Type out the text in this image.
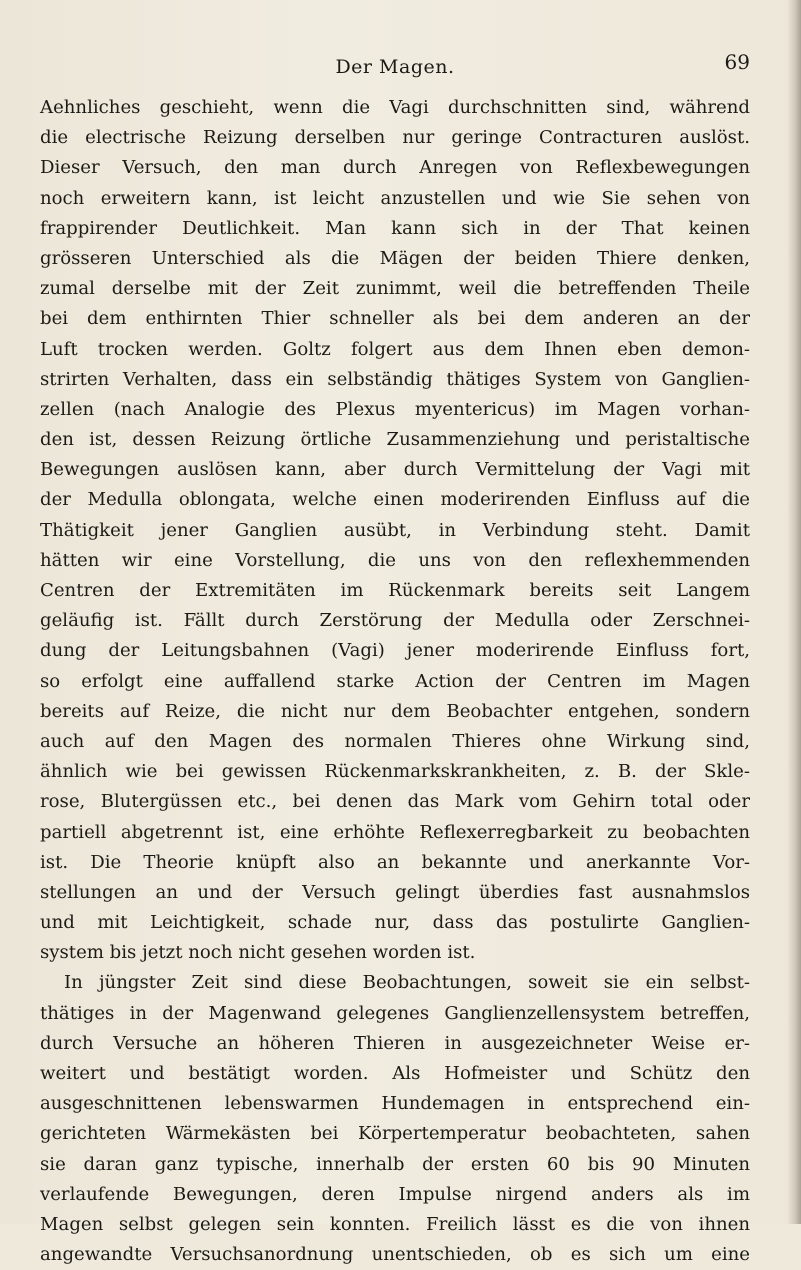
Der Magen.	69
Aehnliches geschieht, wenn die Vagi durchschnitten sind, während
die electrische Reizung derselben nur geringe Contracturen auslöst.
Dieser Versuch, den man durch Anregen von Reflexbewegungen
noch erweitern kann, ist leicht anzustellen und wie Sie sehen von
frappirender Deutlichkeit. Man kann sich in der That keinen
grösseren Unterschied als die Mägen der beiden Thiere denken,
zumal derselbe mit der Zeit zunimmt, weil die betreffenden Theile
bei dem enthirnten Thier schneller als bei dem anderen an der
Luft trocken werden. Goltz folgert aus dem Ihnen eben demon-
strirten Verhalten, dass ein selbständig thätiges System von Ganglien-
zellen (nach Analogie des Plexus myentericus) im Magen vorhan-
den ist, dessen Reizung örtliche Zusammenziehung und peristaltische
Bewegungen auslösen kann, aber durch Vermittelung der Vagi mit
der Medulla oblongata, welche einen moderirenden Einfluss auf die
Thätigkeit jener Ganglien ausübt, in Verbindung steht. Damit
hätten wir eine Vorstellung, die uns von den reflexhemmenden
Centren der Extremitäten im Rückenmark bereits seit Langem
geläufig ist. Fällt durch Zerstörung der Medulla oder Zerschnei-
dung der Leitungsbahnen (Vagi) jener moderirende Einfluss fort,
so erfolgt eine auffallend starke Action der Centren im Magen
bereits auf Reize, die nicht nur dem Beobachter entgehen, sondern
auch auf den Magen des normalen Thieres ohne Wirkung sind,
ähnlich wie bei gewissen Rückenmarkskrankheiten, z. B. der Skle-
rose, Blutergüssen etc., bei denen das Mark vom Gehirn total oder
partiell abgetrennt ist, eine erhöhte Reflexerregbarkeit zu beobachten
ist. Die Theorie knüpft also an bekannte und anerkannte Vor-
stellungen an und der Versuch gelingt überdies fast ausnahmslos
und mit Leichtigkeit, schade nur, dass das postulirte Ganglien-
system bis jetzt noch nicht gesehen worden ist.
In jüngster Zeit sind diese Beobachtungen, soweit sie ein selbst-
thätiges in der Magenwand gelegenes Ganglienzellensystem betreffen,
durch Versuche an höheren Thieren in ausgezeichneter Weise er-
weitert und bestätigt worden. Als Hofmeister und Schütz den
ausgeschnittenen lebenswarmen Hundemagen in entsprechend ein-
gerichteten Wärmekästen bei Körpertemperatur beobachteten, sahen
sie daran ganz typische, innerhalb der ersten 60 bis 90 Minuten
verlaufende Bewegungen, deren Impulse nirgend anders als im
Magen selbst gelegen sein konnten. Freilich lässt es die von ihnen
angewandte Versuchsanordnung unentschieden, ob es sich um eine
